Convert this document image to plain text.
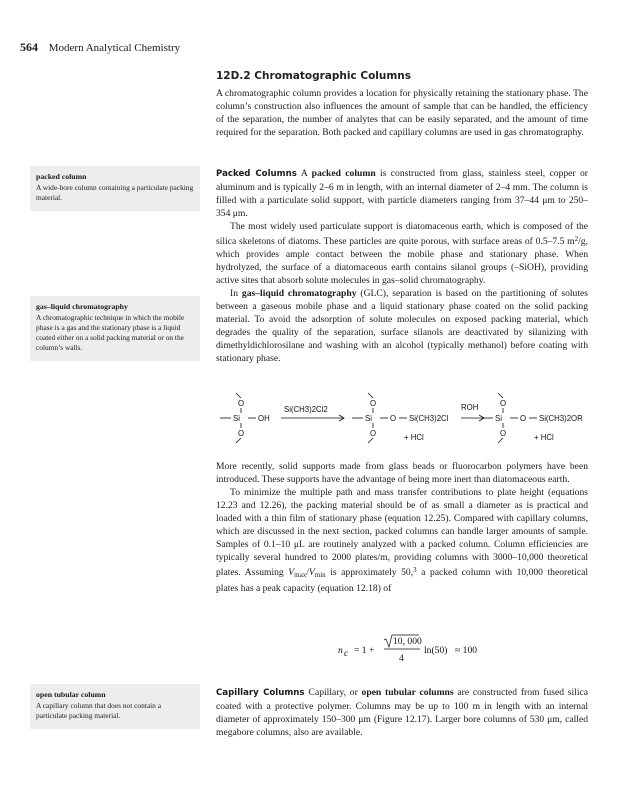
564 Modern Analytical Chemistry
12D.2 Chromatographic Columns

A chromatographic column provides a location for physically retaining the stationary phase. The column’s construction also influences the amount of sample that can be handled, the efficiency of the separation, the number of analytes that can be easily separated, and the amount of time required for the separation. Both packed and capillary columns are used in gas chromatography.

Packed Columns A packed column is constructed from glass, stainless steel, copper or aluminum and is typically 2–6 m in length, with an internal diameter of 2–4 mm. The column is filled with a particulate solid support, with particle diameters ranging from 37–44 μm to 250–354 μm.

The most widely used particulate support is diatomaceous earth, which is composed of the silica skeletons of diatoms. These particles are quite porous, with surface areas of 0.5–7.5 $m^2/g$, which provides ample contact between the mobile phase and stationary phase. When hydrolyzed, the surface of a diatomaceous earth contains silanol groups (–SiOH), providing active sites that absorb solute molecules in gas–solid chromatography.

In gas–liquid chromatography (GLC), separation is based on the partitioning of solutes between a gaseous mobile phase and a liquid stationary phase coated on the solid packing material. To avoid the adsorption of solute molecules on exposed packing material, which degrades the quality of the separation, surface silanols are deactivated by silanizing with dimethyldichlorosilane and washing with an alcohol (typically methanol) before coating with stationary phase.

O
Si OH
O
Si(CH3)2Cl2
O
Si O Si(CH3)2Cl
O	+ HCl
ROH	O
Si O Si(CH3)2OR
O	+ HCl

More recently, solid supports made from glass beads or fluorocarbon polymers have been introduced. These supports have the advantage of being more inert than diatomaceous earth.

To minimize the multiple path and mass transfer contributions to plate height (equations 12.23 and 12.26), the packing material should be of as small a diameter as is practical and loaded with a thin film of stationary phase (equation 12.25). Compared with capillary columns, which are discussed in the next section, packed columns can handle larger amounts of sample. Samples of 0.1–10 μL are routinely analyzed with a packed column. Column efficiencies are typically several hundred to 2000 plates/m, providing columns with 3000–10,000 theoretical plates. Assuming $V_{max}/V_{min}$ is approximately 50,$^3$ a packed column with 10,000 theoretical plates has a peak capacity (equation 12.18) of

n c = 1 +
10, 000
4
ln(50) ≈ 100

Capillary Columns Capillary, or open tubular columns are constructed from fused silica coated with a protective polymer. Columns may be up to 100 m in length with an internal diameter of approximately 150–300 μm (Figure 12.17). Larger bore columns of 530 μm, called megabore columns, also are available.

packed column
A wide-bore column containing a particulate packing material.
gas–liquid chromatography
A chromatographic technique in which the mobile phase is a gas and the stationary phase is a liquid coated either on a solid packing material or on the column’s walls.
open tubular column
A capillary column that does not contain a particulate packing material.
